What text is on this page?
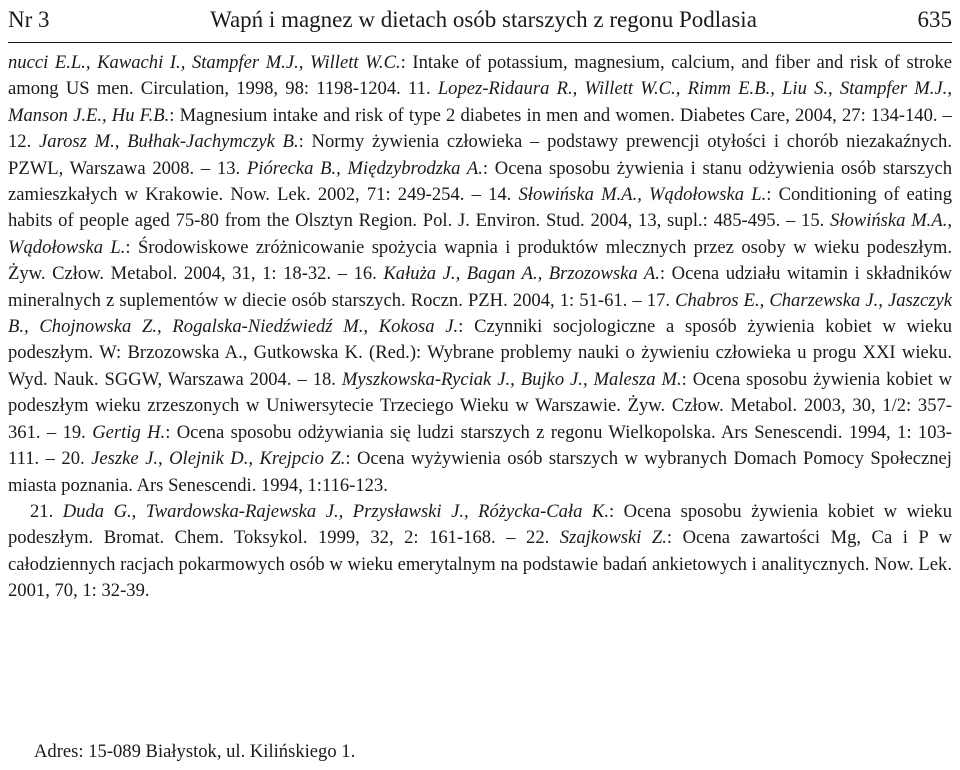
Nr 3	Wapń i magnez w dietach osób starszych z regonu Podlasia	635

nucci E.L., Kawachi I., Stampfer M.J., Willett W.C.: Intake of potassium, magnesium, calcium, and fiber and risk of stroke among US men. Circulation, 1998, 98: 1198-1204. 11. Lopez-Ridaura R., Willett W.C., Rimm E.B., Liu S., Stampfer M.J., Manson J.E., Hu F.B.: Magnesium intake and risk of type 2 diabetes in men and women. Diabetes Care, 2004, 27: 134-140. – 12. Jarosz M., Bułhak-Jachymczyk B.: Normy żywienia człowieka – podstawy prewencji otyłości i chorób niezakaźnych. PZWL, Warszawa 2008. – 13. Piórecka B., Międzybrodzka A.: Ocena sposobu żywienia i stanu odżywienia osób starszych zamieszkałych w Krakowie. Now. Lek. 2002, 71: 249-254. – 14. Słowińska M.A., Wądołowska L.: Conditioning of eating habits of people aged 75-80 from the Olsztyn Region. Pol. J. Environ. Stud. 2004, 13, supl.: 485-495. – 15. Słowińska M.A., Wądołowska L.: Środowiskowe zróżnicowanie spożycia wapnia i produktów mlecznych przez osoby w wieku podeszłym. Żyw. Człow. Metabol. 2004, 31, 1: 18-32. – 16. Kałuża J., Bagan A., Brzozowska A.: Ocena udziału witamin i składników mineralnych z suplementów w diecie osób starszych. Roczn. PZH. 2004, 1: 51-61. – 17. Chabros E., Charzewska J., Jaszczyk B., Chojnowska Z., Rogalska-Niedźwiedź M., Kokosa J.: Czynniki socjologiczne a sposób żywienia kobiet w wieku podeszłym. W: Brzozowska A., Gutkowska K. (Red.): Wybrane problemy nauki o żywieniu człowieka u progu XXI wieku. Wyd. Nauk. SGGW, Warszawa 2004. – 18. Myszkowska-Ryciak J., Bujko J., Malesza M.: Ocena sposobu żywienia kobiet w podeszłym wieku zrzeszonych w Uniwersytecie Trzeciego Wieku w Warszawie. Żyw. Człow. Metabol. 2003, 30, 1/2: 357-361. – 19. Gertig H.: Ocena sposobu odżywiania się ludzi starszych z regonu Wielkopolska. Ars Senescendi. 1994, 1: 103-111. – 20. Jeszke J., Olejnik D., Krejpcio Z.: Ocena wyżywienia osób starszych w wybranych Domach Pomocy Społecznej miasta poznania. Ars Senescendi. 1994, 1:116-123.

21. Duda G., Twardowska-Rajewska J., Przysławski J., Różycka-Cała K.: Ocena sposobu żywienia kobiet w wieku podeszłym. Bromat. Chem. Toksykol. 1999, 32, 2: 161-168. – 22. Szajkowski Z.: Ocena zawartości Mg, Ca i P w całodziennych racjach pokarmowych osób w wieku emerytalnym na podstawie badań ankietowych i analitycznych. Now. Lek. 2001, 70, 1: 32-39.

Adres: 15-089 Białystok, ul. Kilińskiego 1.
